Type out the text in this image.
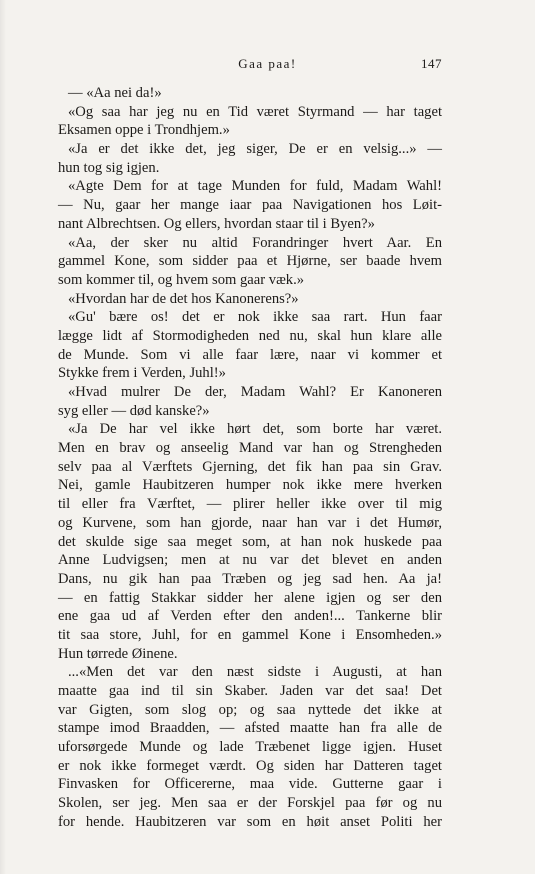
Gaa paa!	147
— «Aa nei da!»
«Og saa har jeg nu en Tid været Styrmand — har taget
Eksamen oppe i Trondhjem.»
«Ja er det ikke det, jeg siger, De er en velsig...» —
hun tog sig igjen.
«Agte Dem for at tage Munden for fuld, Madam Wahl!
— Nu, gaar her mange iaar paa Navigationen hos Løit-
nant Albrechtsen. Og ellers, hvordan staar til i Byen?»
«Aa, der sker nu altid Forandringer hvert Aar. En
gammel Kone, som sidder paa et Hjørne, ser baade hvem
som kommer til, og hvem som gaar væk.»
«Hvordan har de det hos Kanonerens?»
«Gu' bære os! det er nok ikke saa rart. Hun faar
lægge lidt af Stormodigheden ned nu, skal hun klare alle
de Munde. Som vi alle faar lære, naar vi kommer et
Stykke frem i Verden, Juhl!»
«Hvad mulrer De der, Madam Wahl? Er Kanoneren
syg eller — død kanske?»
«Ja De har vel ikke hørt det, som borte har været.
Men en brav og anseelig Mand var han og Strengheden
selv paa al Værftets Gjerning, det fik han paa sin Grav.
Nei, gamle Haubitzeren humper nok ikke mere hverken
til eller fra Værftet, — plirer heller ikke over til mig
og Kurvene, som han gjorde, naar han var i det Humør,
det skulde sige saa meget som, at han nok huskede paa
Anne Ludvigsen; men at nu var det blevet en anden
Dans, nu gik han paa Træben og jeg sad hen. Aa ja!
— en fattig Stakkar sidder her alene igjen og ser den
ene gaa ud af Verden efter den anden!... Tankerne blir
tit saa store, Juhl, for en gammel Kone i Ensomheden.»
Hun tørrede Øinene.
...«Men det var den næst sidste i Augusti, at han
maatte gaa ind til sin Skaber. Jaden var det saa! Det
var Gigten, som slog op; og saa nyttede det ikke at
stampe imod Braadden, — afsted maatte han fra alle de
uforsørgede Munde og lade Træbenet ligge igjen. Huset
er nok ikke formeget værdt. Og siden har Datteren taget
Finvasken for Officererne, maa vide. Gutterne gaar i
Skolen, ser jeg. Men saa er der Forskjel paa før og nu
for hende. Haubitzeren var som en høit anset Politi her
